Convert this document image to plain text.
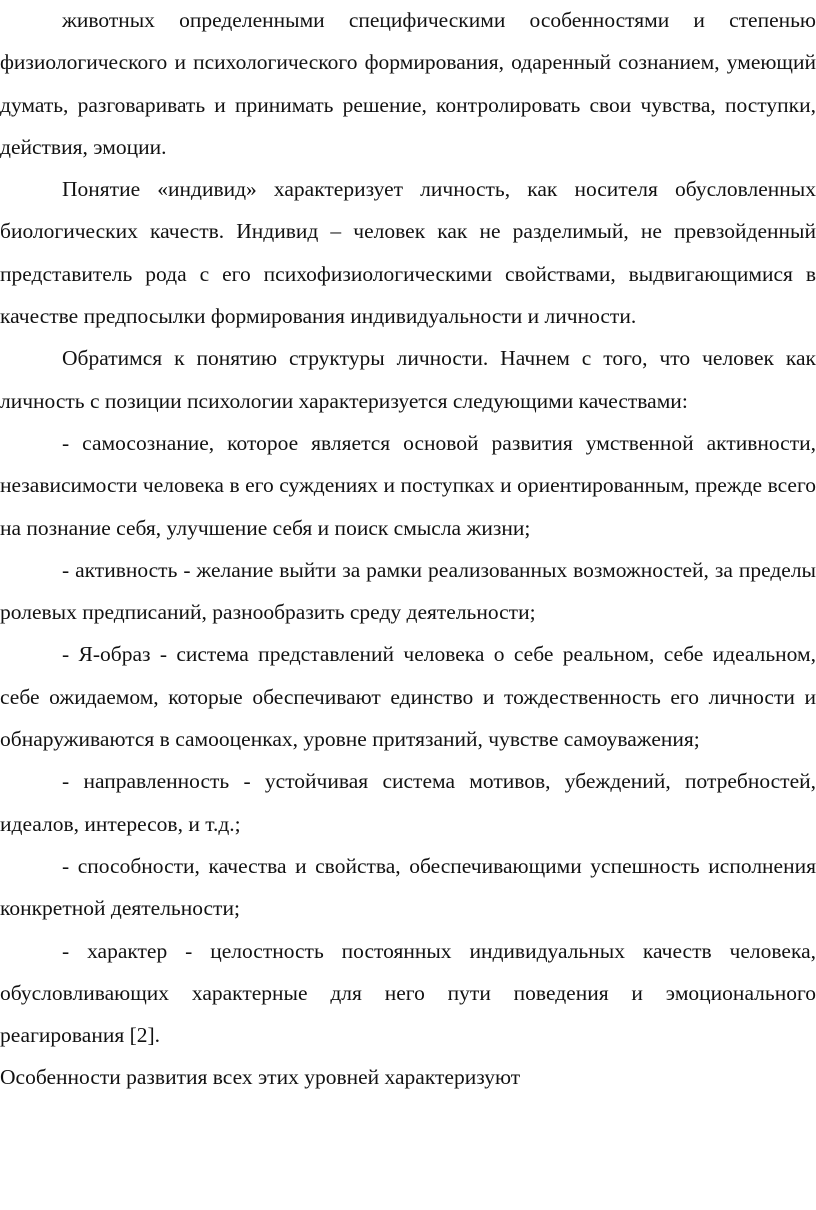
животных определенными специфическими особенностями и степенью физиологического и психологического формирования, одаренный сознанием, умеющий думать, разговаривать и принимать решение, контролировать свои чувства, поступки, действия, эмоции.

Понятие «индивид» характеризует личность, как носителя обусловленных биологических качеств. Индивид – человек как не разделимый, не превзойденный представитель рода с его психофизиологическими свойствами, выдвигающимися в качестве предпосылки формирования индивидуальности и личности.

Обратимся к понятию структуры личности. Начнем с того, что человек как личность с позиции психологии характеризуется следующими качествами:

- самосознание, которое является основой развития умственной активности, независимости человека в его суждениях и поступках и ориентированным, прежде всего на познание себя, улучшение себя и поиск смысла жизни;

- активность - желание выйти за рамки реализованных возможностей, за пределы ролевых предписаний, разнообразить среду деятельности;

- Я-образ - система представлений человека о себе реальном, себе идеальном, себе ожидаемом, которые обеспечивают единство и тождественность его личности и обнаруживаются в самооценках, уровне притязаний, чувстве самоуважения;

- направленность - устойчивая система мотивов, убеждений, потребностей, идеалов, интересов, и т.д.;

- способности, качества и свойства, обеспечивающими успешность исполнения конкретной деятельности;

- характер - целостность постоянных индивидуальных качеств человека, обусловливающих характерные для него пути поведения и эмоционального реагирования [2].

Особенности развития всех этих уровней характеризуют
